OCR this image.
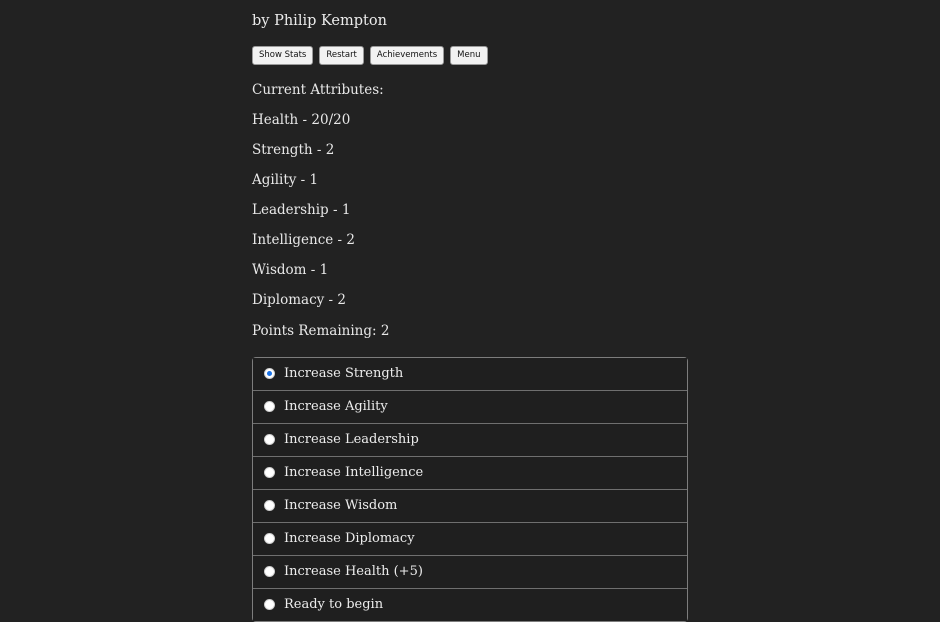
by Philip Kempton
Show Stats	Restart	Achievements	Menu
Current Attributes:
Health - 20/20
Strength - 2
Agility - 1
Leadership - 1
Intelligence - 2
Wisdom - 1
Diplomacy - 2
Points Remaining: 2
Increase Strength
Increase Agility
Increase Leadership
Increase Intelligence
Increase Wisdom
Increase Diplomacy
Increase Health (+5)
Ready to begin
